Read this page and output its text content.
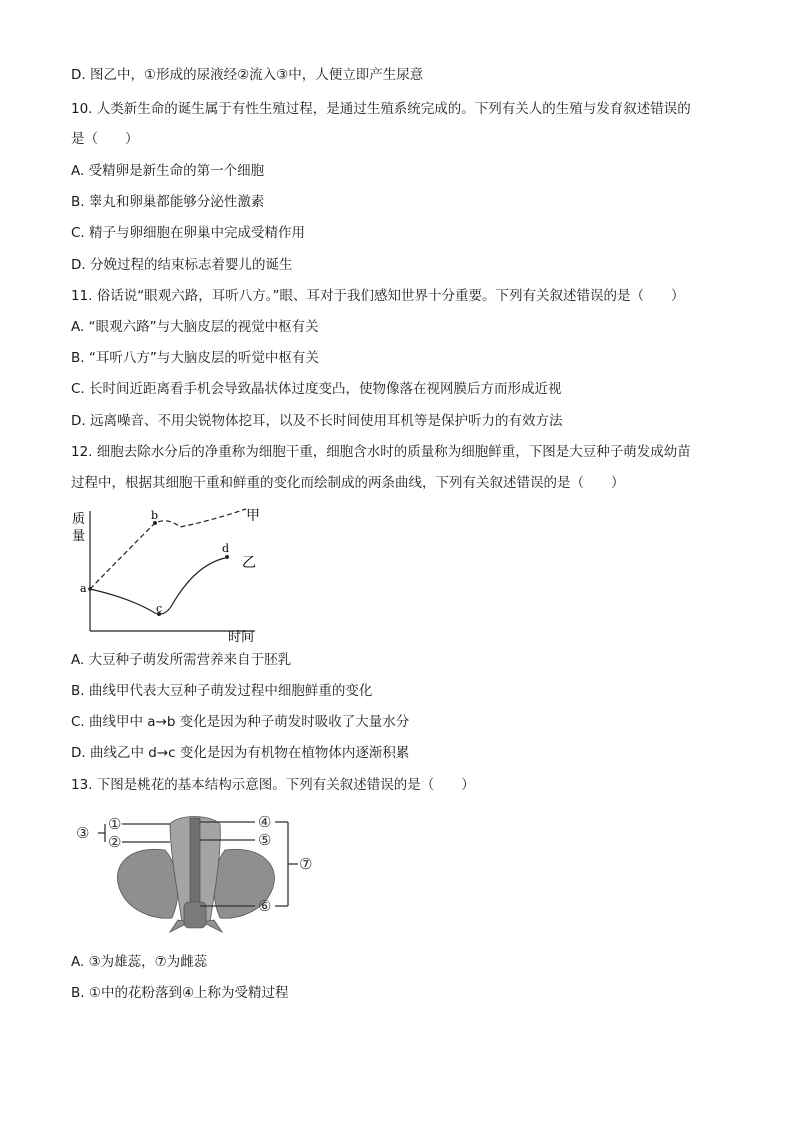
D. 图乙中，①形成的尿液经②流入③中，人便立即产生尿意
10. 人类新生命的诞生属于有性生殖过程，是通过生殖系统完成的。下列有关人的生殖与发育叙述错误的
是（　　）
A. 受精卵是新生命的第一个细胞
B. 睾丸和卵巢都能够分泌性激素
C. 精子与卵细胞在卵巢中完成受精作用
D. 分娩过程的结束标志着婴儿的诞生
11. 俗话说“眼观六路，耳听八方。”眼、耳对于我们感知世界十分重要。下列有关叙述错误的是（　　）
A. “眼观六路”与大脑皮层的视觉中枢有关
B. “耳听八方”与大脑皮层的听觉中枢有关
C. 长时间近距离看手机会导致晶状体过度变凸，使物像落在视网膜后方而形成近视
D. 远离噪音、不用尖锐物体挖耳，以及不长时间使用耳机等是保护听力的有效方法
12. 细胞去除水分后的净重称为细胞干重，细胞含水时的质量称为细胞鲜重，下图是大豆种子萌发成幼苗
过程中，根据其细胞干重和鲜重的变化而绘制成的两条曲线，下列有关叙述错误的是（　　）
质
量
时间
a
b
c
d
甲
乙
A. 大豆种子萌发所需营养来自于胚乳
B. 曲线甲代表大豆种子萌发过程中细胞鲜重的变化
C. 曲线甲中 a→b 变化是因为种子萌发时吸收了大量水分
D. 曲线乙中 d→c 变化是因为有机物在植物体内逐渐积累
13. 下图是桃花的基本结构示意图。下列有关叙述错误的是（　　）
③ ①
②
④
⑤
⑦
⑥
A. ③为雄蕊，⑦为雌蕊
B. ①中的花粉落到④上称为受精过程
